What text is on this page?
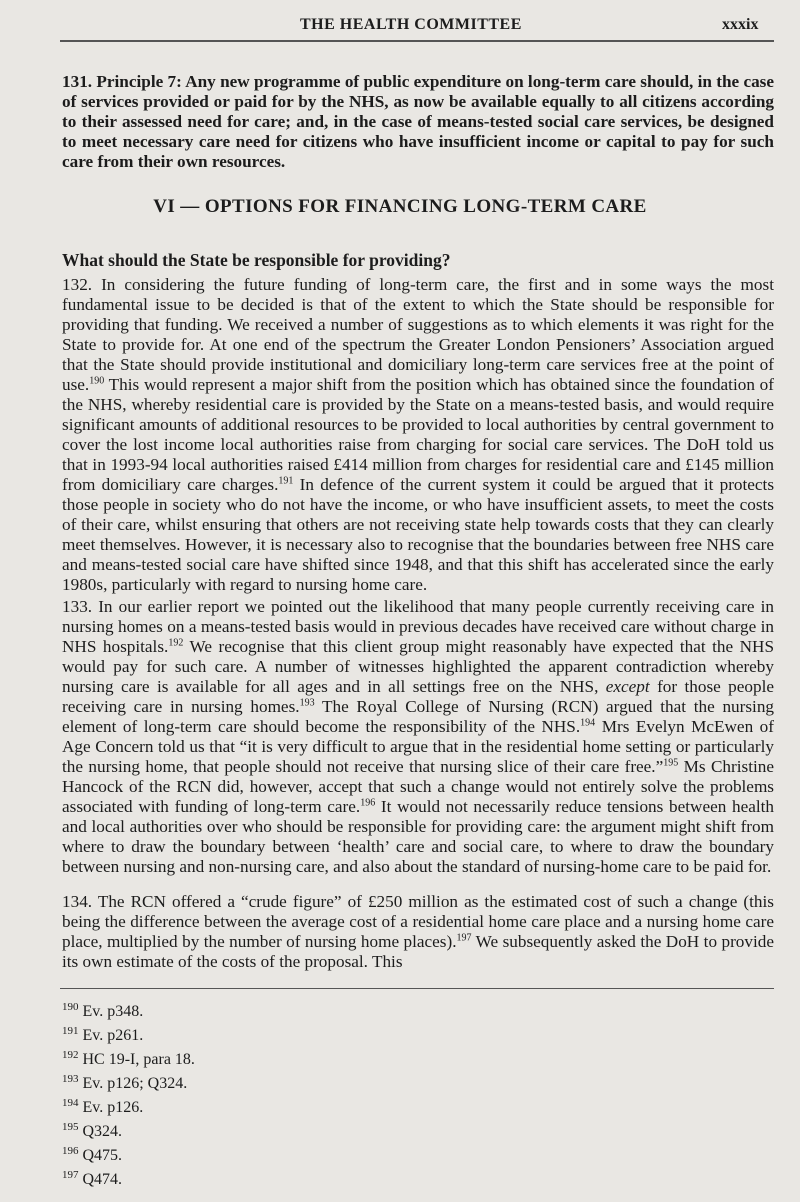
THE HEALTH COMMITTEE	xxxix

131. Principle 7: Any new programme of public expenditure on long-term care should, in the case of services provided or paid for by the NHS, as now be available equally to all citizens according to their assessed need for care; and, in the case of means-tested social care services, be designed to meet necessary care need for citizens who have insufficient income or capital to pay for such care from their own resources.

VI — OPTIONS FOR FINANCING LONG-TERM CARE
What should the State be responsible for providing?

132. In considering the future funding of long-term care, the first and in some ways the most fundamental issue to be decided is that of the extent to which the State should be responsible for providing that funding. We received a number of suggestions as to which elements it was right for the State to provide for. At one end of the spectrum the Greater London Pensioners’ Association argued that the State should provide institutional and domiciliary long-term care services free at the point of use.$^{190}$ This would represent a major shift from the position which has obtained since the foundation of the NHS, whereby residential care is provided by the State on a means-tested basis, and would require significant amounts of additional resources to be provided to local authorities by central government to cover the lost income local authorities raise from charging for social care services. The DoH told us that in 1993-94 local authorities raised £414 million from charges for residential care and £145 million from domiciliary care charges.$^{191}$ In defence of the current system it could be argued that it protects those people in society who do not have the income, or who have insufficient assets, to meet the costs of their care, whilst ensuring that others are not receiving state help towards costs that they can clearly meet themselves. However, it is necessary also to recognise that the boundaries between free NHS care and means-tested social care have shifted since 1948, and that this shift has accelerated since the early 1980s, particularly with regard to nursing home care.

133. In our earlier report we pointed out the likelihood that many people currently receiving care in nursing homes on a means-tested basis would in previous decades have received care without charge in NHS hospitals.$^{192}$ We recognise that this client group might reasonably have expected that the NHS would pay for such care. A number of witnesses highlighted the apparent contradiction whereby nursing care is available for all ages and in all settings free on the NHS, except for those people receiving care in nursing homes.$^{193}$ The Royal College of Nursing (RCN) argued that the nursing element of long-term care should become the responsibility of the NHS.$^{194}$ Mrs Evelyn McEwen of Age Concern told us that “it is very difficult to argue that in the residential home setting or particularly the nursing home, that people should not receive that nursing slice of their care free.”$^{195}$ Ms Christine Hancock of the RCN did, however, accept that such a change would not entirely solve the problems associated with funding of long-term care.$^{196}$ It would not necessarily reduce tensions between health and local authorities over who should be responsible for providing care: the argument might shift from where to draw the boundary between ‘health’ care and social care, to where to draw the boundary between nursing and non-nursing care, and also about the standard of nursing-home care to be paid for.

134. The RCN offered a “crude figure” of £250 million as the estimated cost of such a change (this being the difference between the average cost of a residential home care place and a nursing home care place, multiplied by the number of nursing home places).$^{197}$ We subsequently asked the DoH to provide its own estimate of the costs of the proposal. This

$^{190}$ Ev. p348.
$^{191}$ Ev. p261.
$^{192}$ HC 19-I, para 18.
$^{193}$ Ev. p126; Q324.
$^{194}$ Ev. p126.
$^{195}$ Q324.
$^{196}$ Q475.
$^{197}$ Q474.
